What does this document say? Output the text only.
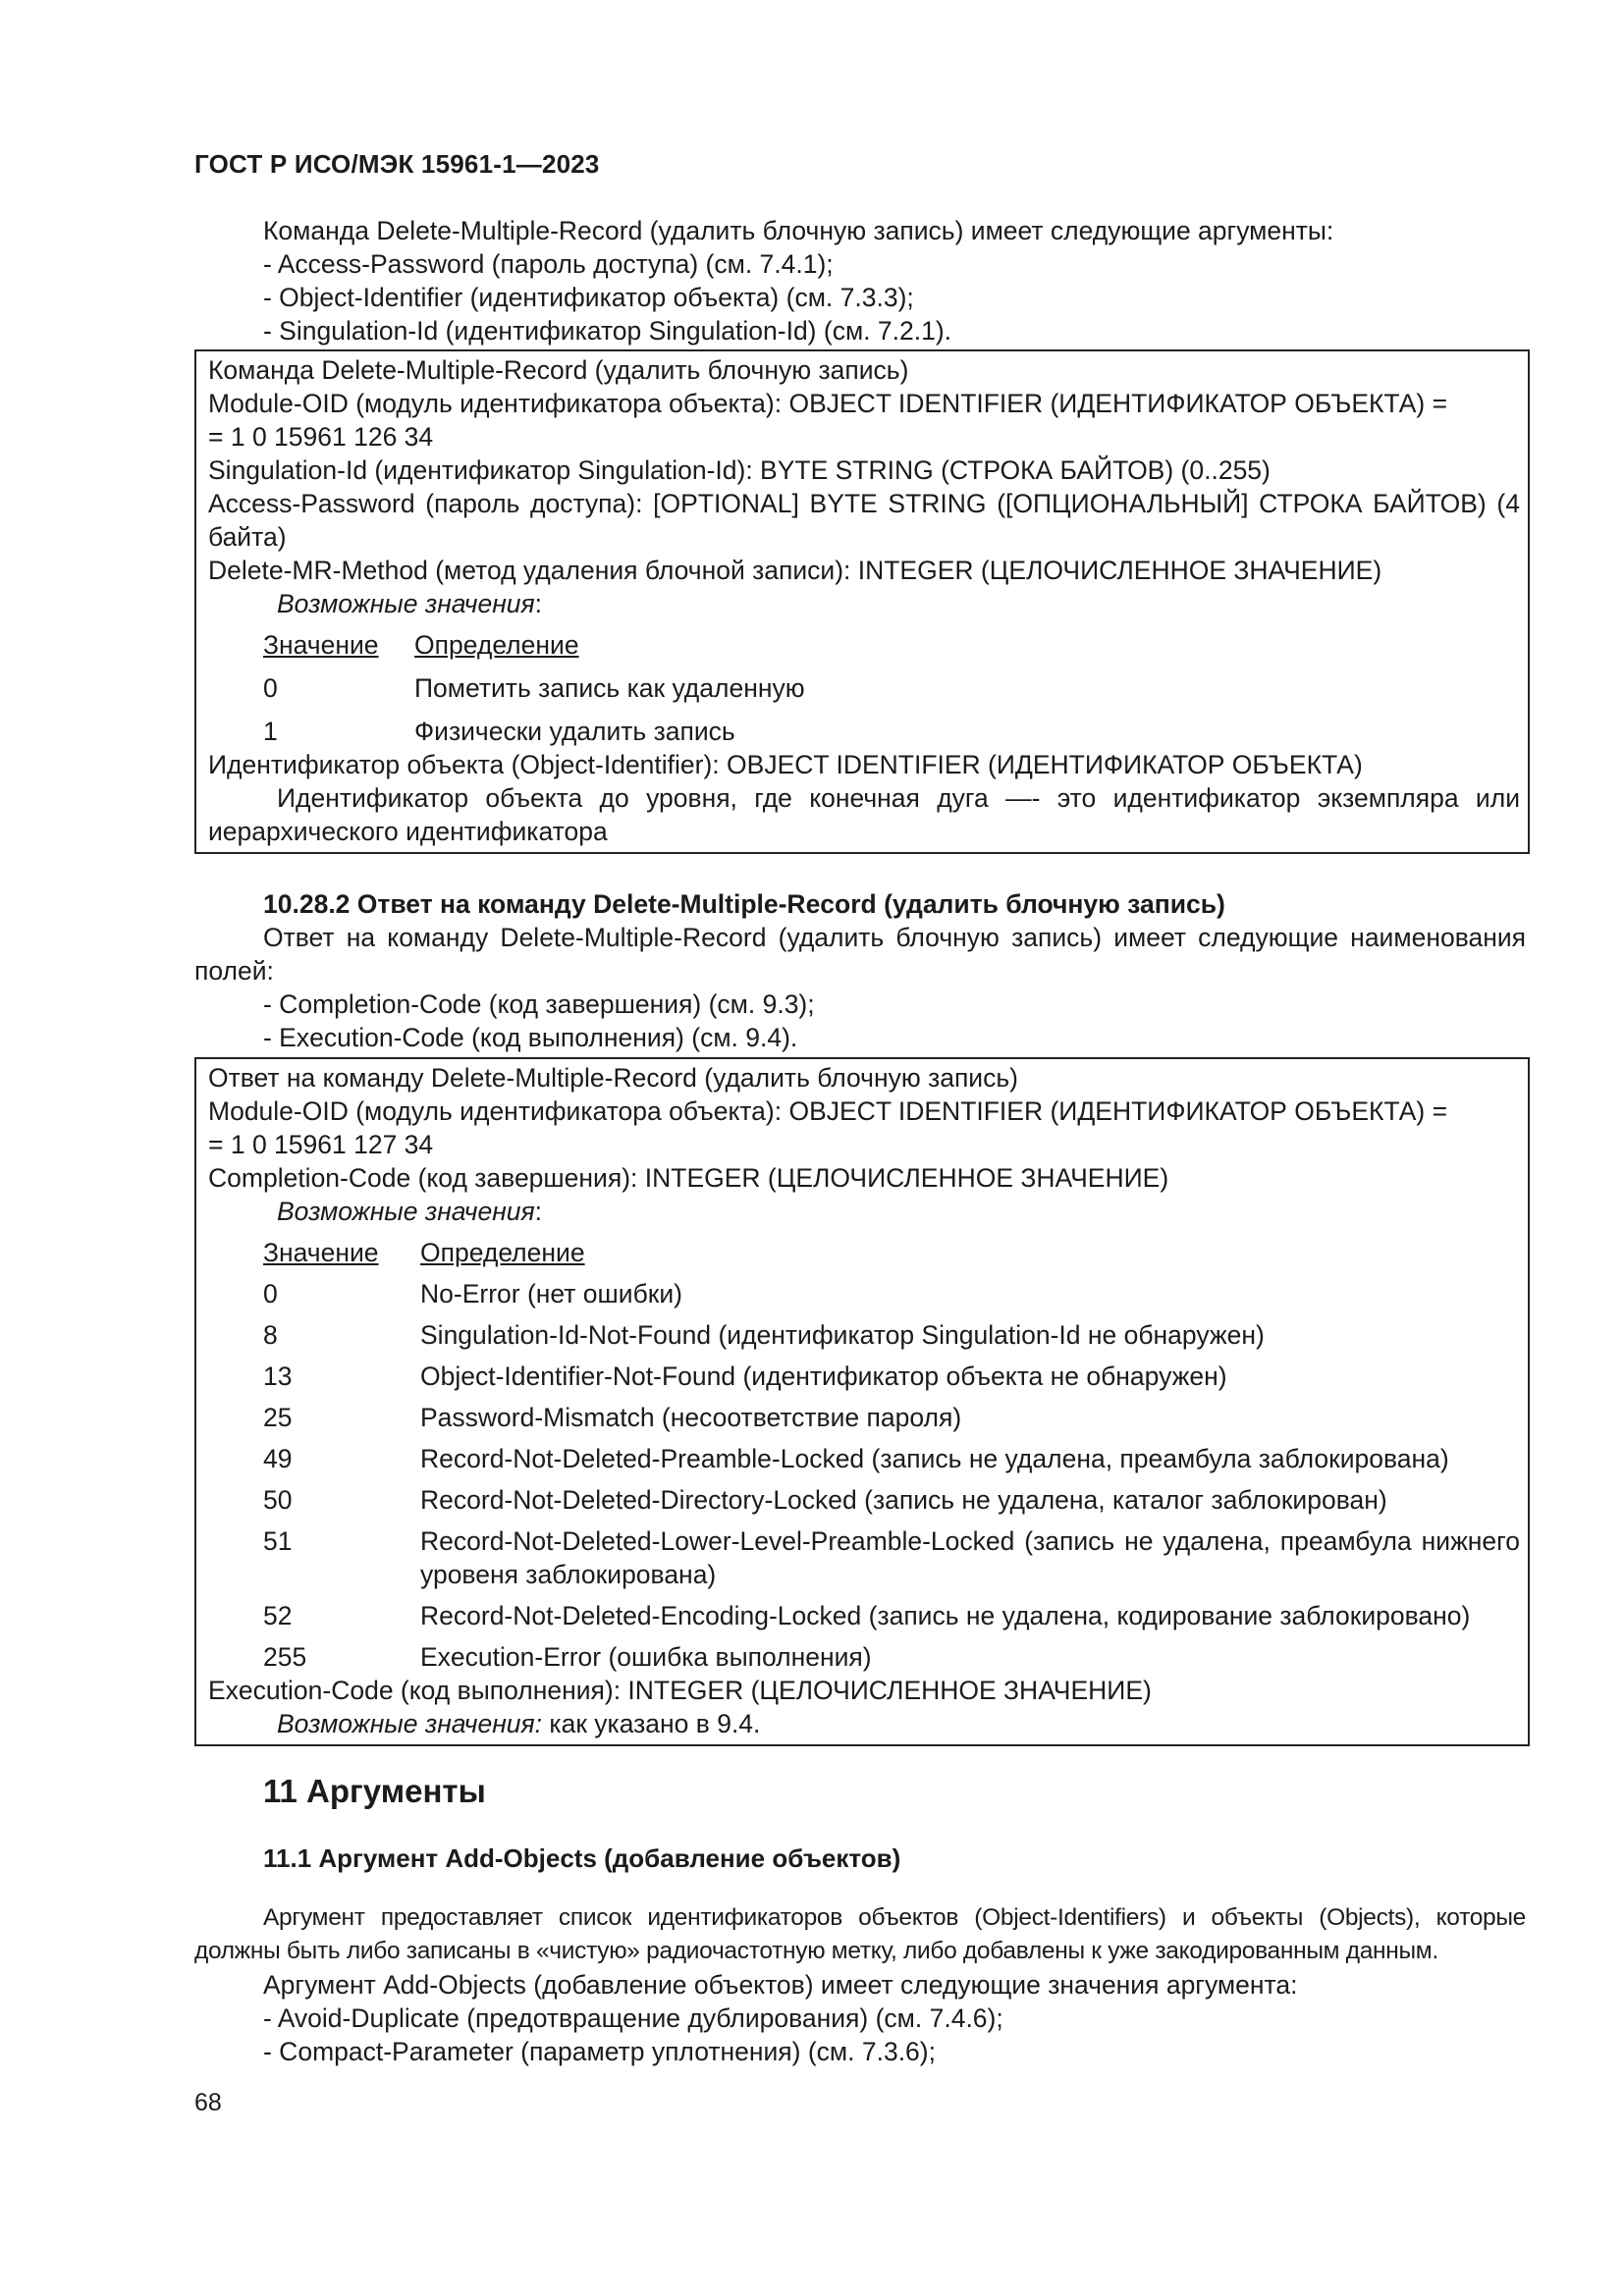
ГОСТ Р ИСО/МЭК 15961-1—2023

Команда Delete-Multiple-Record (удалить блочную запись) имеет следующие аргументы:

- Access-Password (пароль доступа) (см. 7.4.1);

- Object-Identifier (идентификатор объекта) (см. 7.3.3);

- Singulation-Id (идентификатор Singulation-Id) (см. 7.2.1).

Команда Delete-Multiple-Record (удалить блочную запись)

Module-OID (модуль идентификатора объекта): OBJECT IDENTIFIER (ИДЕНТИФИКАТОР ОБЪЕКТА) =

= 1 0 15961 126 34

Singulation-Id (идентификатор Singulation-Id): BYTE STRING (СТРОКА БАЙТОВ) (0..255)

Access-Password (пароль доступа): [OPTIONAL] BYTE STRING ([ОПЦИОНАЛЬНЫЙ] СТРОКА БАЙТОВ) (4 байта)

Delete-MR-Method (метод удаления блочной записи): INTEGER (ЦЕЛОЧИСЛЕННОЕ ЗНАЧЕНИЕ)

Возможные значения:

Значение	Определение
0	Пометить запись как удаленную
1	Физически удалить запись

Идентификатор объекта (Object-Identifier): OBJECT IDENTIFIER (ИДЕНТИФИКАТОР ОБЪЕКТА)

Идентификатор объекта до уровня, где конечная дуга —- это идентификатор экземпляра или иерархического идентификатора

10.28.2 Ответ на команду Delete-Multiple-Record (удалить блочную запись)

Ответ на команду Delete-Multiple-Record (удалить блочную запись) имеет следующие наименования полей:

- Completion-Code (код завершения) (см. 9.3);

- Execution-Code (код выполнения) (см. 9.4).

Ответ на команду Delete-Multiple-Record (удалить блочную запись)

Module-OID (модуль идентификатора объекта): OBJECT IDENTIFIER (ИДЕНТИФИКАТОР ОБЪЕКТА) =

= 1 0 15961 127 34

Completion-Code (код завершения): INTEGER (ЦЕЛОЧИСЛЕННОЕ ЗНАЧЕНИЕ)

Возможные значения:

Значение	Определение
0	No-Error (нет ошибки)
8	Singulation-Id-Not-Found (идентификатор Singulation-Id не обнаружен)
13	Object-Identifier-Not-Found (идентификатор объекта не обнаружен)
25	Password-Mismatch (несоответствие пароля)
49	Record-Not-Deleted-Preamble-Locked (запись не удалена, преамбула заблокирована)
50	Record-Not-Deleted-Directory-Locked (запись не удалена, каталог заблокирован)
51	Record-Not-Deleted-Lower-Level-Preamble-Locked (запись не удалена, преамбула нижнего уровеня заблокирована)
52	Record-Not-Deleted-Encoding-Locked (запись не удалена, кодирование заблокировано)
255	Execution-Error (ошибка выполнения)

Execution-Code (код выполнения): INTEGER (ЦЕЛОЧИСЛЕННОЕ ЗНАЧЕНИЕ)

Возможные значения: как указано в 9.4.

11 Аргументы
11.1 Аргумент Add-Objects (добавление объектов)

Аргумент предоставляет список идентификаторов объектов (Object-Identifiers) и объекты (Objects), которые должны быть либо записаны в «чистую» радиочастотную метку, либо добавлены к уже закодированным данным.

Аргумент Add-Objects (добавление объектов) имеет следующие значения аргумента:

- Avoid-Duplicate (предотвращение дублирования) (см. 7.4.6);

- Compact-Parameter (параметр уплотнения) (см. 7.3.6);

68
